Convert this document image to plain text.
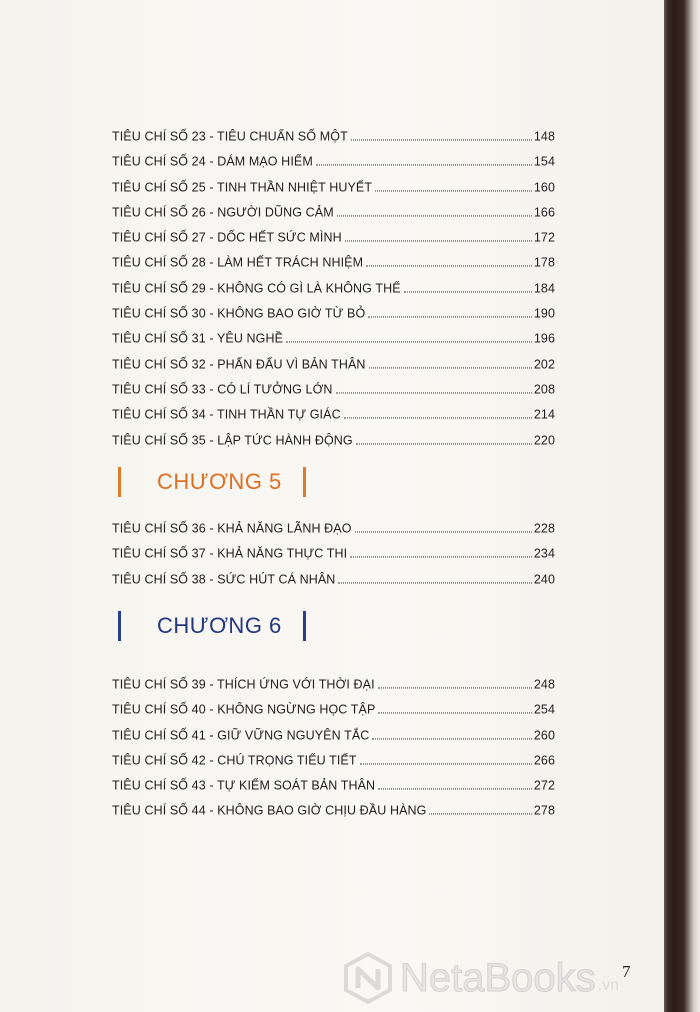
TIÊU CHÍ SỐ 23 - TIÊU CHUẨN SỐ MỘT	148
TIÊU CHÍ SỐ 24 - DÁM MẠO HIỂM	154
TIÊU CHÍ SỐ 25 - TINH THẦN NHIỆT HUYẾT	160
TIÊU CHÍ SỐ 26 - NGƯỜI DŨNG CẢM	166
TIÊU CHÍ SỐ 27 - DỐC HẾT SỨC MÌNH	172
TIÊU CHÍ SỐ 28 - LÀM HẾT TRÁCH NHIỆM	178
TIÊU CHÍ SỐ 29 - KHÔNG CÓ GÌ LÀ KHÔNG THỂ	184
TIÊU CHÍ SỐ 30 - KHÔNG BAO GIỜ TỪ BỎ	190
TIÊU CHÍ SỐ 31 - YÊU NGHỀ	196
TIÊU CHÍ SỐ 32 - PHẤN ĐẤU VÌ BẢN THÂN	202
TIÊU CHÍ SỐ 33 - CÓ LÍ TƯỞNG LỚN	208
TIÊU CHÍ SỐ 34 - TINH THẦN TỰ GIÁC	214
TIÊU CHÍ SỐ 35 - LẬP TỨC HÀNH ĐỘNG	220
CHƯƠNG 5
TIÊU CHÍ SỐ 36 - KHẢ NĂNG LÃNH ĐẠO	228
TIÊU CHÍ SỐ 37 - KHẢ NĂNG THỰC THI	234
TIÊU CHÍ SỐ 38 - SỨC HÚT CÁ NHÂN	240
CHƯƠNG 6
TIÊU CHÍ SỐ 39 - THÍCH ỨNG VỚI THỜI ĐẠI	248
TIÊU CHÍ SỐ 40 - KHÔNG NGỪNG HỌC TẬP	254
TIÊU CHÍ SỐ 41 - GIỮ VỮNG NGUYÊN TẮC	260
TIÊU CHÍ SỐ 42 - CHÚ TRỌNG TIỂU TIẾT	266
TIÊU CHÍ SỐ 43 - TỰ KIỂM SOÁT BẢN THÂN	272
TIÊU CHÍ SỐ 44 - KHÔNG BAO GIỜ CHỊU ĐẦU HÀNG	278
7
NetaBooks .vn
